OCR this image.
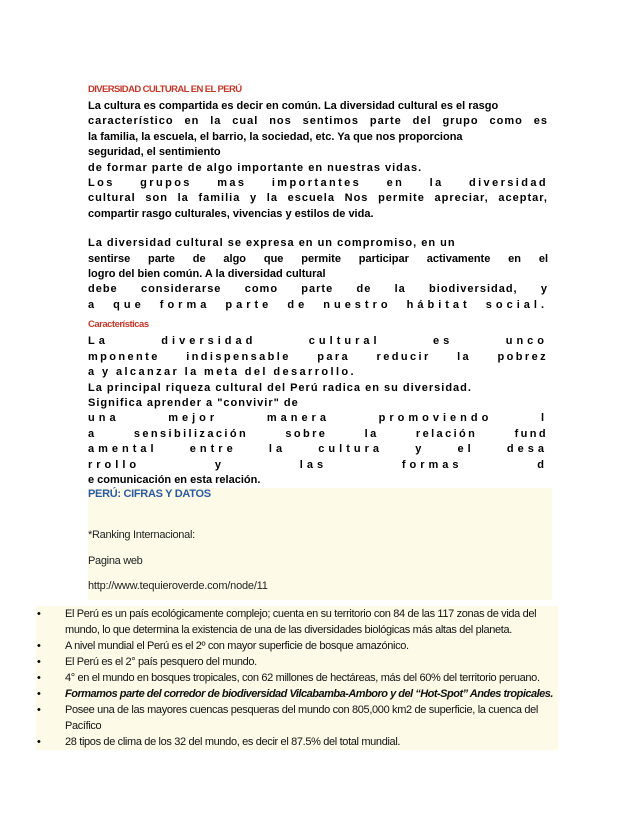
DIVERSIDAD CULTURAL EN EL PERÚ
La cultura es compartida es decir en común. La diversidad cultural es el rasgo
característico en la cual nos sentimos parte del grupo como es
la familia, la escuela, el barrio, la sociedad, etc. Ya que nos proporciona
seguridad, el sentimiento
de formar parte de algo importante en nuestras vidas.
Los grupos mas importantes en la diversidad
cultural son la familia y la escuela Nos permite apreciar, aceptar,
compartir rasgo culturales, vivencias y estilos de vida.
La diversidad cultural se expresa en un compromiso, en un
sentirse parte de algo que permite participar activamente en el
logro del bien común. A la diversidad cultural
debe considerarse como parte de la biodiversidad, y
a que forma parte de nuestro hábitat social.
Características
La diversidad cultural es unco
mponente indispensable para reducir la pobrez
a y alcanzar la meta del desarrollo.
La principal riqueza cultural del Perú radica en su diversidad.
Significa aprender a "convivir" de
una mejor manera promoviendo l
a sensibilización sobre la relación fund
amental entre la cultura y el desa
rrollo y las formas d
e comunicación en esta relación.
PERÚ: CIFRAS Y DATOS
*Ranking Internacional:
Pagina web
http://www.tequieroverde.com/node/11
•	El Perú es un país ecológicamente complejo; cuenta en su territorio con 84 de las 117 zonas de vida del mundo, lo que determina la existencia de una de las diversidades biológicas más altas del planeta.
•	A nivel mundial el Perú es el 2º con mayor superficie de bosque amazónico.
•	El Perú es el 2° país pesquero del mundo.
•	4° en el mundo en bosques tropicales, con 62 millones de hectáreas, más del 60% del territorio peruano.
•	Formamos parte del corredor de biodiversidad Vilcabamba-Amboro y del “Hot-Spot” Andes tropicales.
•	Posee una de las mayores cuencas pesqueras del mundo con 805,000 km2 de superficie, la cuenca del Pacífico
•	28 tipos de clima de los 32 del mundo, es decir el 87.5% del total mundial.
